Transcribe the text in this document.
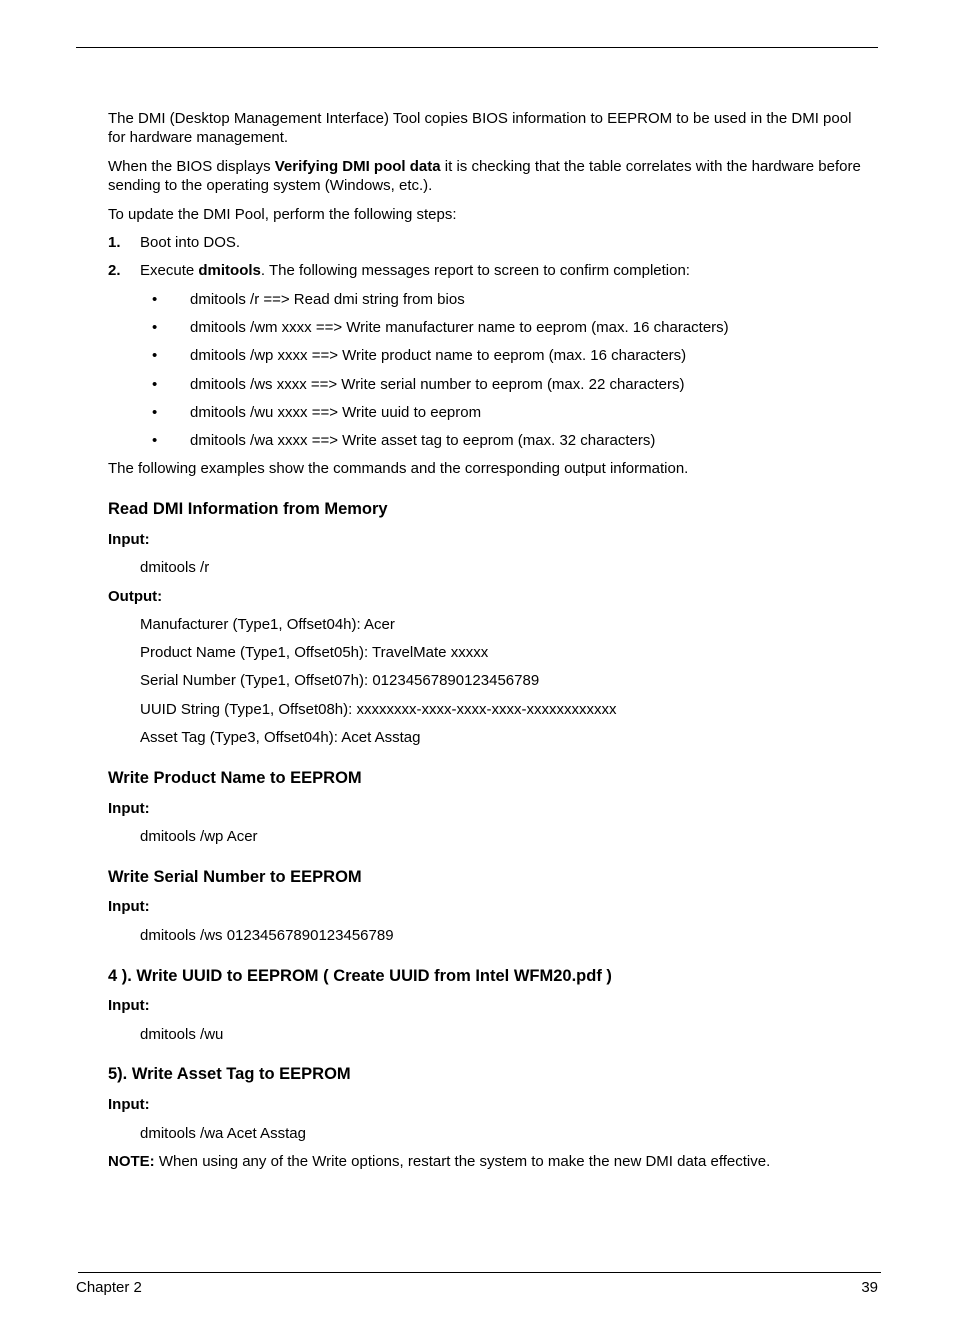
The DMI (Desktop Management Interface) Tool copies BIOS information to EEPROM to be used in the DMI pool for hardware management.
When the BIOS displays Verifying DMI pool data it is checking that the table correlates with the hardware before sending to the operating system (Windows, etc.).
To update the DMI Pool, perform the following steps:
1. Boot into DOS.

2. Execute dmitools. The following messages report to screen to confirm completion:

• dmitools /r ==> Read dmi string from bios
• dmitools /wm xxxx ==> Write manufacturer name to eeprom (max. 16 characters)
• dmitools /wp xxxx ==> Write product name to eeprom (max. 16 characters)
• dmitools /ws xxxx ==> Write serial number to eeprom (max. 22 characters)
• dmitools /wu xxxx ==> Write uuid to eeprom
• dmitools /wa xxxx ==> Write asset tag to eeprom (max. 32 characters)
The following examples show the commands and the corresponding output information.
Read DMI Information from Memory
Input:
dmitools /r
Output:
Manufacturer (Type1, Offset04h): Acer
Product Name (Type1, Offset05h): TravelMate xxxxx
Serial Number (Type1, Offset07h): 01234567890123456789
UUID String (Type1, Offset08h): xxxxxxxx-xxxx-xxxx-xxxx-xxxxxxxxxxxx
Asset Tag (Type3, Offset04h): Acet Asstag
Write Product Name to EEPROM
Input:
dmitools /wp Acer
Write Serial Number to EEPROM
Input:
dmitools /ws 01234567890123456789
4 ). Write UUID to EEPROM ( Create UUID from Intel WFM20.pdf )
Input:
dmitools /wu
5). Write Asset Tag to EEPROM
Input:
dmitools /wa Acet Asstag
NOTE: When using any of the Write options, restart the system to make the new DMI data effective.
Chapter 2	39
